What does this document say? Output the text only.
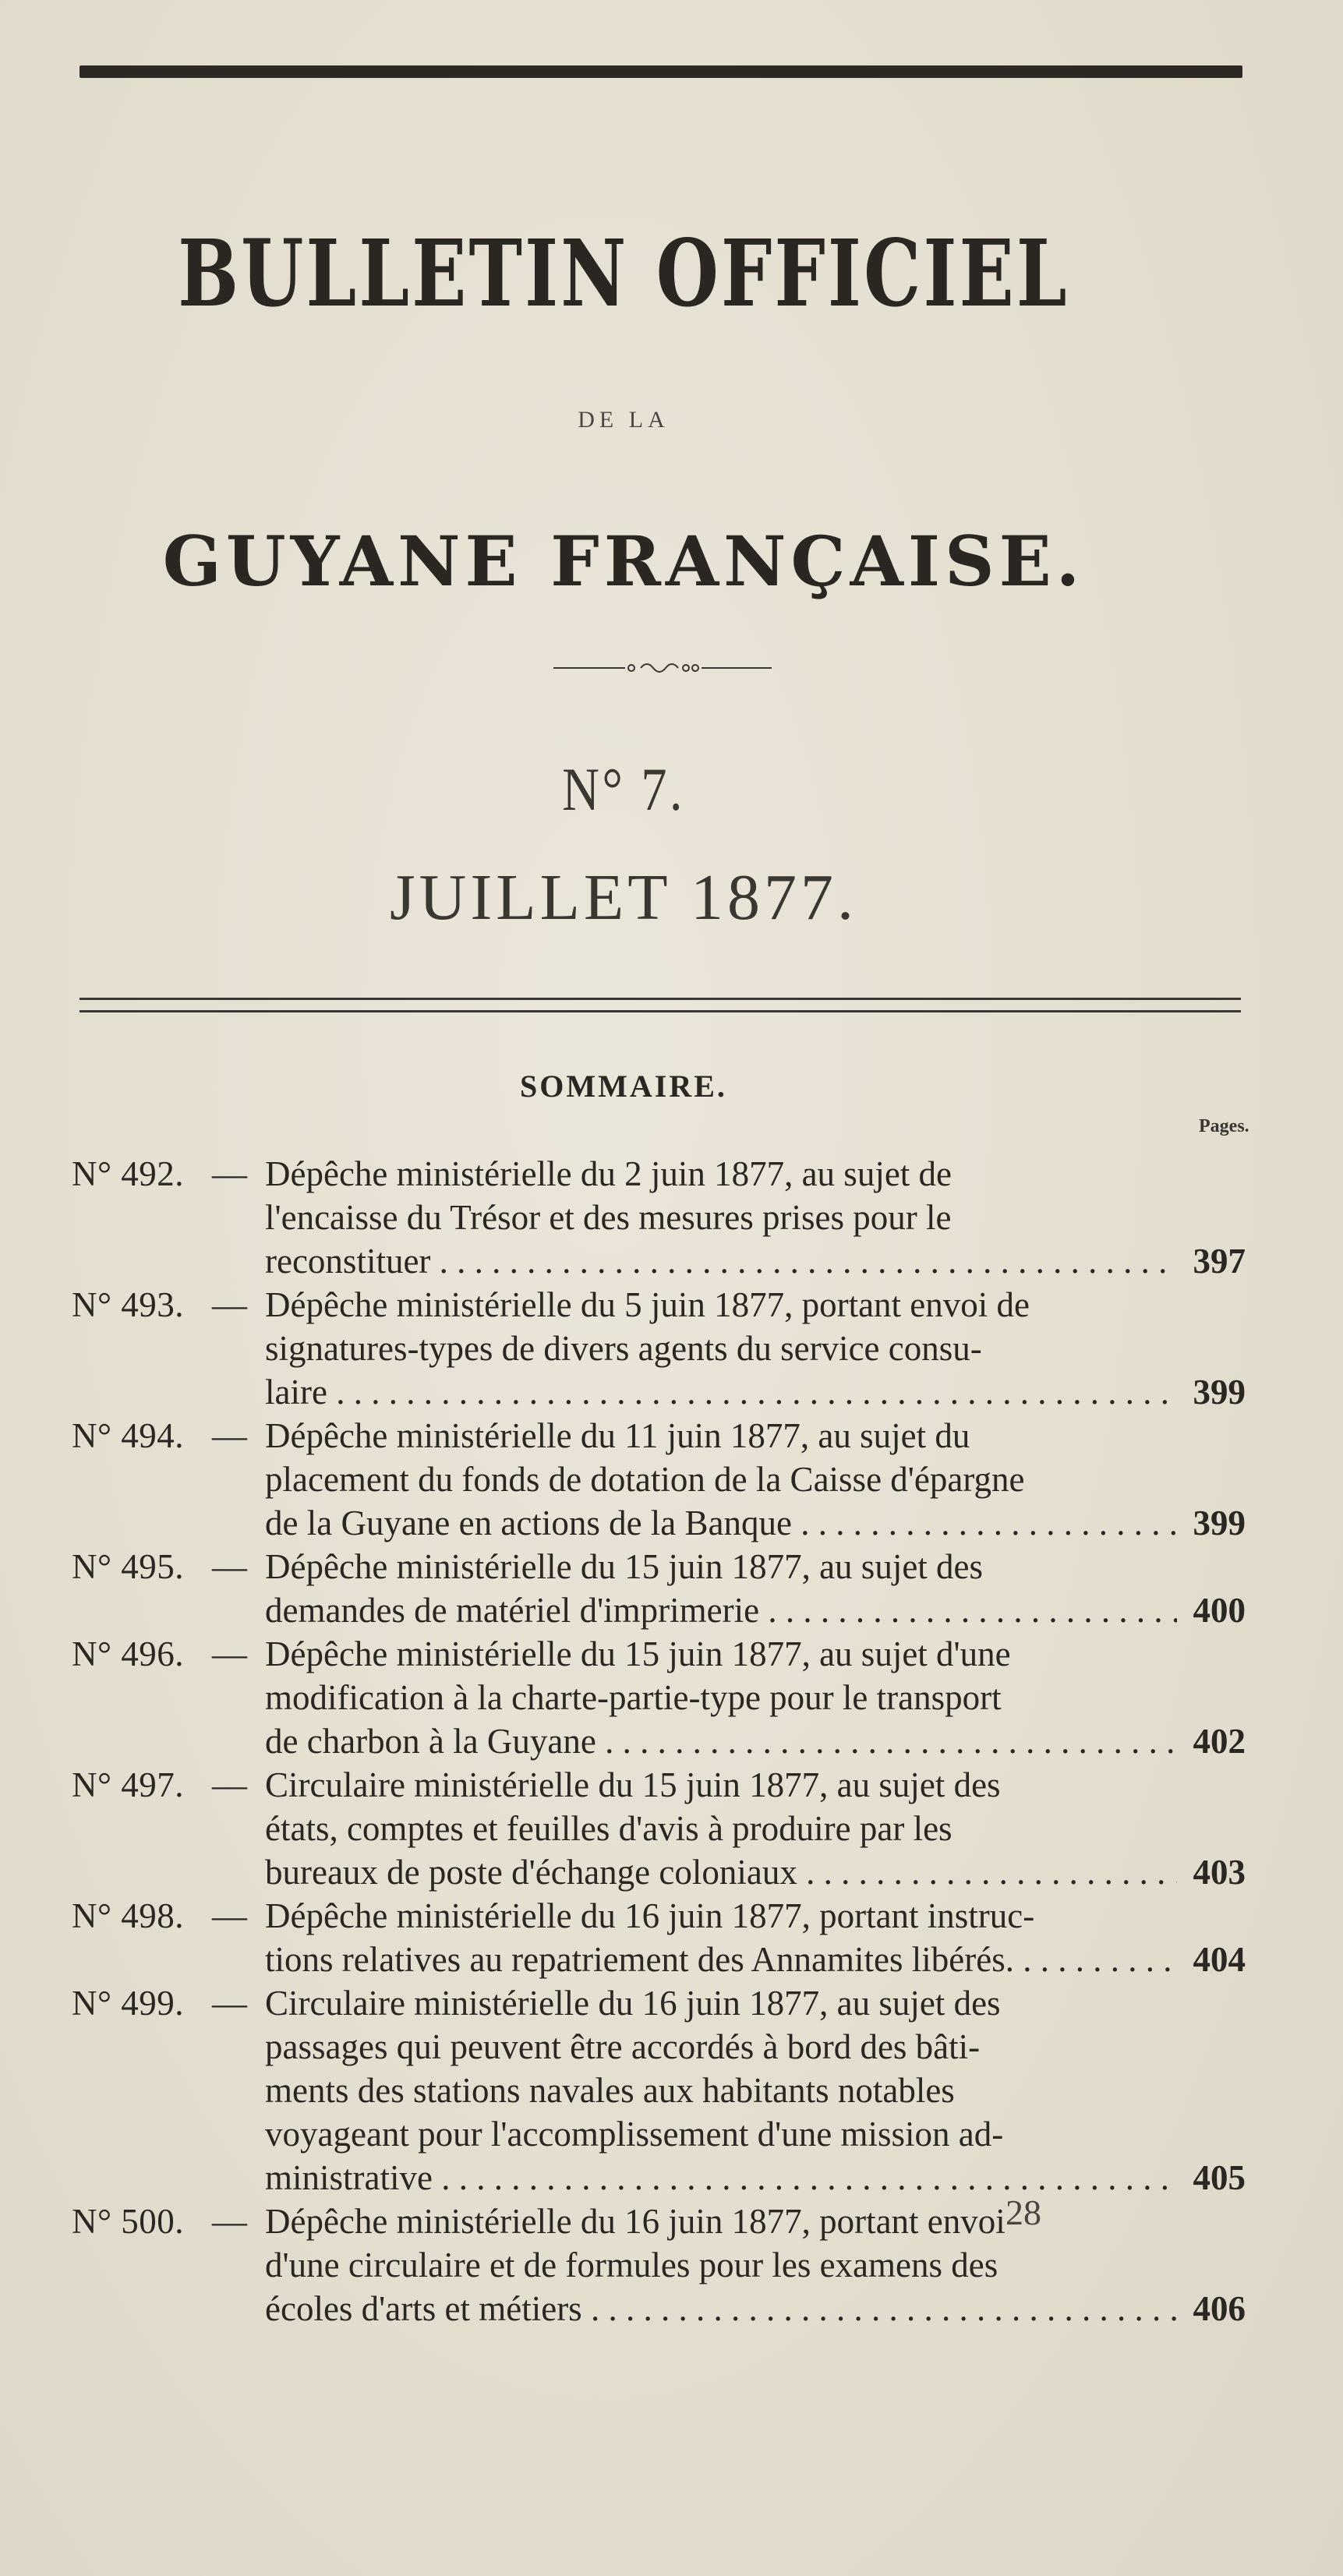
BULLETIN OFFICIEL
DE LA
GUYANE FRANÇAISE.
N° 7.
JUILLET 1877.
SOMMAIRE.
Pages.
N° 492. — Dépêche ministérielle du 2 juin 1877, au sujet de
l'encaisse du Trésor et des mesures prises pour le
reconstituer . . .	397
N° 493. — Dépêche ministérielle du 5 juin 1877, portant envoi de
signatures-types de divers agents du service consu-
laire . . .	399
N° 494. — Dépêche ministérielle du 11 juin 1877, au sujet du
placement du fonds de dotation de la Caisse d'épargne
de la Guyane en actions de la Banque . . .	399
N° 495. — Dépêche ministérielle du 15 juin 1877, au sujet des
demandes de matériel d'imprimerie . . .	400
N° 496. — Dépêche ministérielle du 15 juin 1877, au sujet d'une
modification à la charte-partie-type pour le transport
de charbon à la Guyane . . .	402
N° 497. — Circulaire ministérielle du 15 juin 1877, au sujet des
états, comptes et feuilles d'avis à produire par les
bureaux de poste d'échange coloniaux . . .	403
N° 498. — Dépêche ministérielle du 16 juin 1877, portant instruc-
tions relatives au repatriement des Annamites libérés. . . .	404
N° 499. — Circulaire ministérielle du 16 juin 1877, au sujet des
passages qui peuvent être accordés à bord des bâti-
ments des stations navales aux habitants notables
voyageant pour l'accomplissement d'une mission ad-
ministrative . . .	405
N° 500. — Dépêche ministérielle du 16 juin 1877, portant envoi
d'une circulaire et de formules pour les examens des
écoles d'arts et métiers . . .	406
28
